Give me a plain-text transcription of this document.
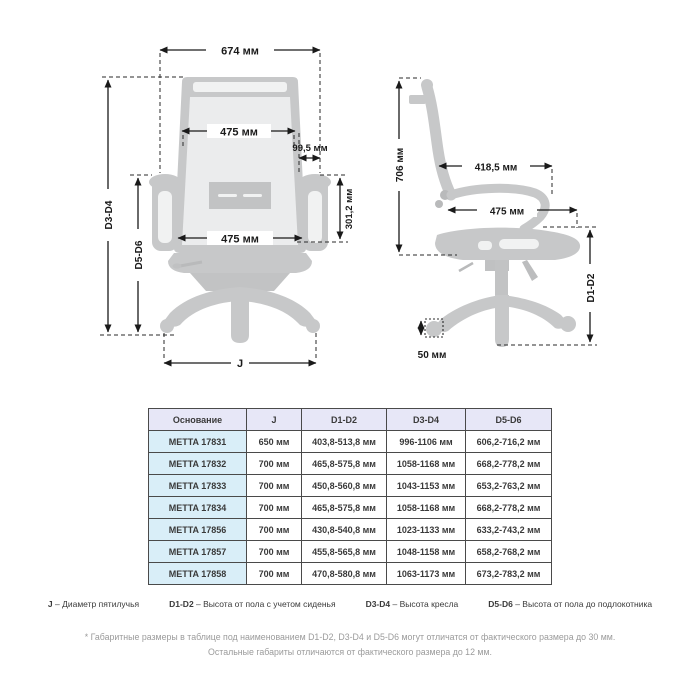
674 мм
475 мм
99,5 мм
301,2 мм
475 мм
D3-D4
D5-D6
J
706 мм	418,5 мм
475 мм
D1-D2
50 мм
Основание	J	D1-D2	D3-D4	D5-D6
METTA 17831	650 мм	403,8-513,8 мм	996-1106 мм	606,2-716,2 мм
METTA 17832	700 мм	465,8-575,8 мм	1058-1168 мм	668,2-778,2 мм
METTA 17833	700 мм	450,8-560,8 мм	1043-1153 мм	653,2-763,2 мм
METTA 17834	700 мм	465,8-575,8 мм	1058-1168 мм	668,2-778,2 мм
METTA 17856	700 мм	430,8-540,8 мм	1023-1133 мм	633,2-743,2 мм
METTA 17857	700 мм	455,8-565,8 мм	1048-1158 мм	658,2-768,2 мм
METTA 17858	700 мм	470,8-580,8 мм	1063-1173 мм	673,2-783,2 мм
J – Диаметр пятилучья	D1-D2 – Высота от пола с учетом сиденья	D3-D4 – Высота кресла	D5-D6 – Высота от пола до подлокотника
* Габаритные размеры в таблице под наименованием D1-D2, D3-D4 и D5-D6 могут отличатся от фактического размера до 30 мм.
Остальные габариты отличаются от фактического размера до 12 мм.
